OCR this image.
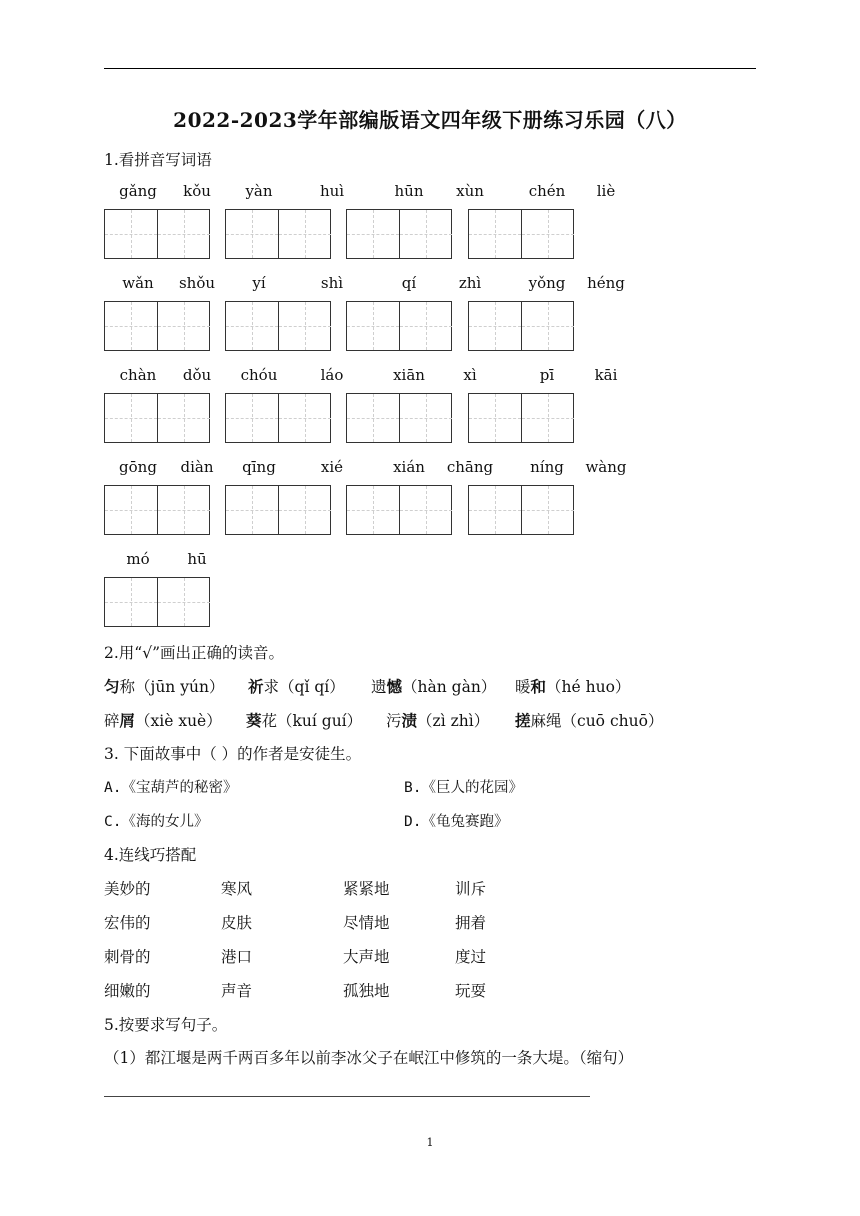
2022-2023学年部编版语文四年级下册练习乐园（八）
1.看拼音写词语
gǎng	kǒu	yàn	huì	hūn	xùn	chén	liè
wǎn	shǒu	yí	shì	qí	zhì	yǒng	héng
chàn	dǒu	chóu	láo	xiān	xì	pī	kāi
gōng	diàn	qīng	xié	xián	chāng	níng	wàng
mó	hū
2.用“√”画出正确的读音。
匀称（jūn yún） 祈求（qǐ qí） 遗憾（hàn gàn） 暖和（hé huo）
碎屑（xiè xuè） 葵花（kuí guí） 污渍（zì zhì） 搓麻绳（cuō chuō）
3. 下面故事中（ ）的作者是安徒生。
A.《宝葫芦的秘密》	B.《巨人的花园》
C.《海的女儿》	D.《龟兔赛跑》
4.连线巧搭配
美妙的	寒风	紧紧地	训斥
宏伟的	皮肤	尽情地	拥着
刺骨的	港口	大声地	度过
细嫩的	声音	孤独地	玩耍
5.按要求写句子。
（1）都江堰是两千两百多年以前李冰父子在岷江中修筑的一条大堤。（缩句）
1
